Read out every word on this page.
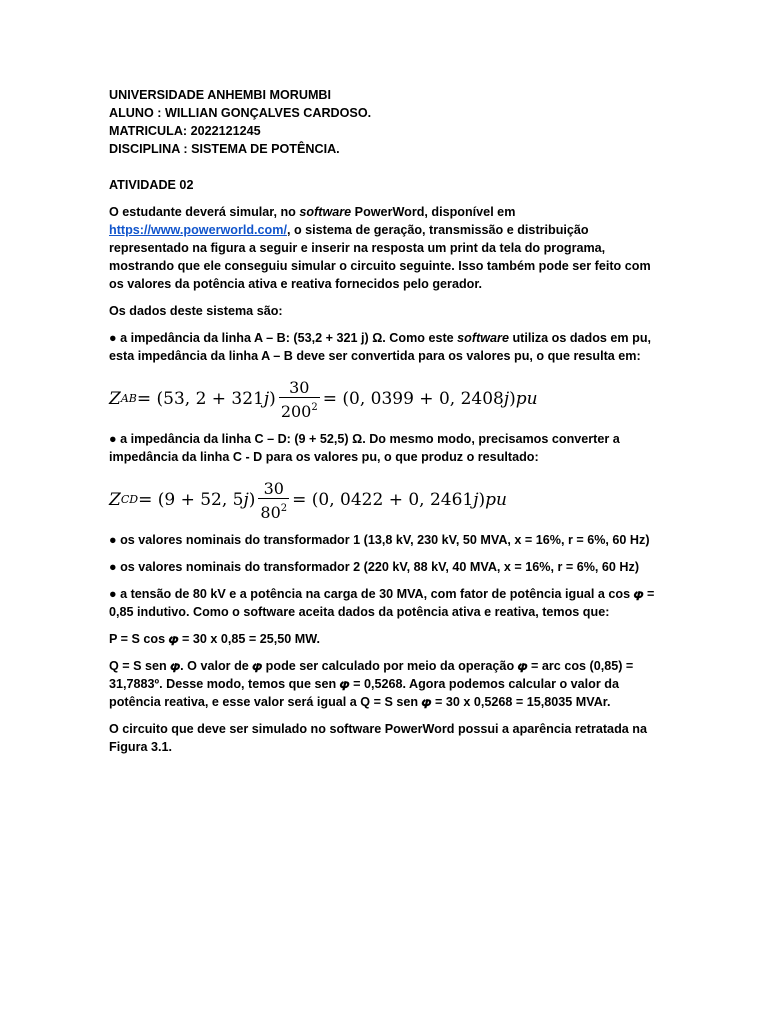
UNIVERSIDADE ANHEMBI MORUMBI
ALUNO : WILLIAN GONÇALVES CARDOSO.
MATRICULA: 2022121245
DISCIPLINA : SISTEMA DE POTÊNCIA.

ATIVIDADE 02

O estudante deverá simular, no software PowerWord, disponível em https://www.powerworld.com/, o sistema de geração, transmissão e distribuição representado na figura a seguir e inserir na resposta um print da tela do programa, mostrando que ele conseguiu simular o circuito seguinte. Isso também pode ser feito com os valores da potência ativa e reativa fornecidos pelo gerador.

Os dados deste sistema são:

● a impedância da linha A – B: (53,2 + 321 j) Ω. Como este software utiliza os dados em pu, esta impedância da linha A – B deve ser convertida para os valores pu, o que resulta em:

Z AB = (53, 2 + 321 j ) $\frac{30}{200^2} = (0$, 0399 + 0, 2408 j ) pu

● a impedância da linha C – D: (9 + 52,5) Ω. Do mesmo modo, precisamos converter a impedância da linha C - D para os valores pu, o que produz o resultado:

Z CD = (9 + 52, 5 j ) $\frac{30}{80^2} = (0$, 0422 + 0, 2461 j ) pu

● os valores nominais do transformador 1 (13,8 kV, 230 kV, 50 MVA, x = 16%, r = 6%, 60 Hz)

● os valores nominais do transformador 2 (220 kV, 88 kV, 40 MVA, x = 16%, r = 6%, 60 Hz)

● a tensão de 80 kV e a potência na carga de 30 MVA, com fator de potência igual a cos 𝝋 = 0,85 indutivo. Como o software aceita dados da potência ativa e reativa, temos que:

P = S cos 𝝋 = 30 x 0,85 = 25,50 MW.

Q = S sen 𝝋. O valor de 𝝋 pode ser calculado por meio da operação 𝝋 = arc cos (0,85) = 31,7883º. Desse modo, temos que sen 𝝋 = 0,5268. Agora podemos calcular o valor da potência reativa, e esse valor será igual a Q = S sen 𝝋 = 30 x 0,5268 = 15,8035 MVAr.

O circuito que deve ser simulado no software PowerWord possui a aparência retratada na Figura 3.1.
